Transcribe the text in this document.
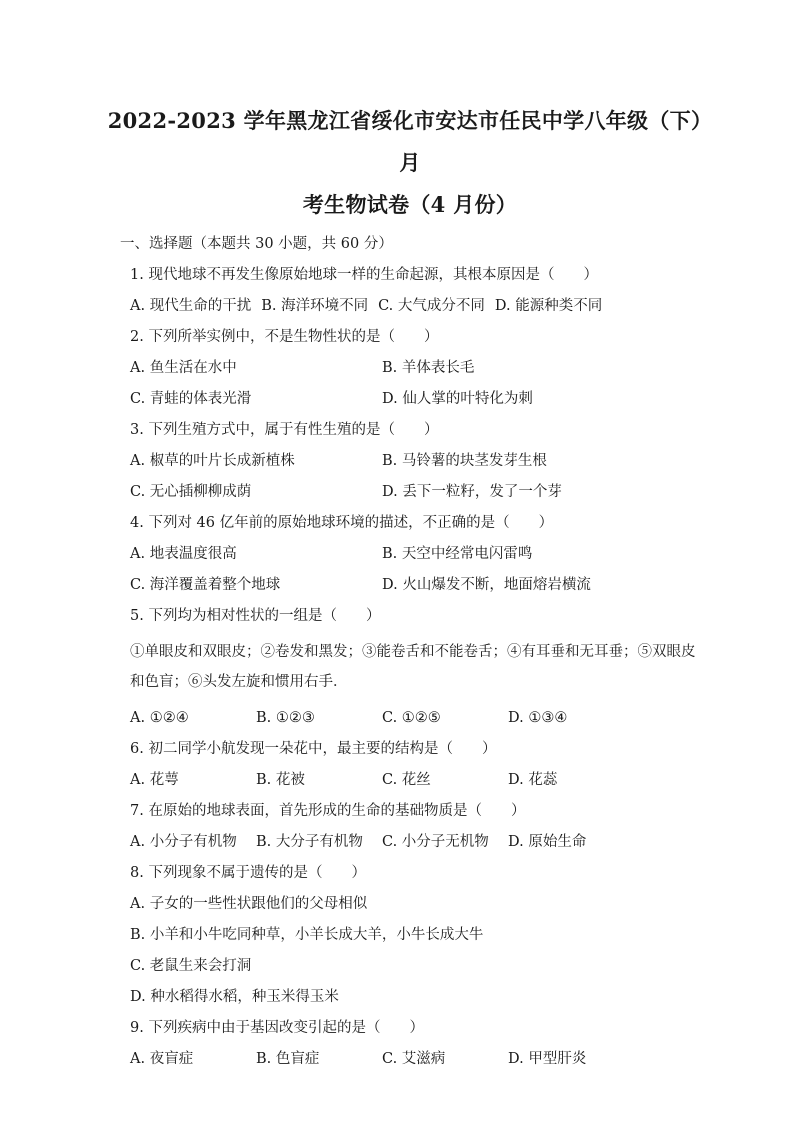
2022-2023 学年黑龙江省绥化市安达市任民中学八年级（下）月
考生物试卷（4 月份）
一、选择题（本题共 30 小题，共 60 分）
1. 现代地球不再发生像原始地球一样的生命起源，其根本原因是（　　）
A. 现代生命的干扰 B. 海洋环境不同 C. 大气成分不同 D. 能源种类不同
2. 下列所举实例中，不是生物性状的是（　　）
A. 鱼生活在水中	B. 羊体表长毛
C. 青蛙的体表光滑	D. 仙人掌的叶特化为刺
3. 下列生殖方式中，属于有性生殖的是（　　）
A. 椒草的叶片长成新植株	B. 马铃薯的块茎发芽生根
C. 无心插柳柳成荫	D. 丢下一粒籽，发了一个芽
4. 下列对 46 亿年前的原始地球环境的描述，不正确的是（　　）
A. 地表温度很高	B. 天空中经常电闪雷鸣
C. 海洋覆盖着整个地球	D. 火山爆发不断，地面熔岩横流
5. 下列均为相对性状的一组是（　　）
①单眼皮和双眼皮；②卷发和黑发；③能卷舌和不能卷舌；④有耳垂和无耳垂；⑤双眼皮和色盲；⑥头发左旋和惯用右手．
A. ①②④	B. ①②③	C. ①②⑤	D. ①③④
6. 初二同学小航发现一朵花中，最主要的结构是（　　）
A. 花萼	B. 花被	C. 花丝	D. 花蕊
7. 在原始的地球表面，首先形成的生命的基础物质是（　　）
A. 小分子有机物	B. 大分子有机物	C. 小分子无机物	D. 原始生命
8. 下列现象不属于遗传的是（　　）
A. 子女的一些性状跟他们的父母相似
B. 小羊和小牛吃同种草，小羊长成大羊，小牛长成大牛
C. 老鼠生来会打洞
D. 种水稻得水稻，种玉米得玉米
9. 下列疾病中由于基因改变引起的是（　　）
A. 夜盲症	B. 色盲症	C. 艾滋病	D. 甲型肝炎
